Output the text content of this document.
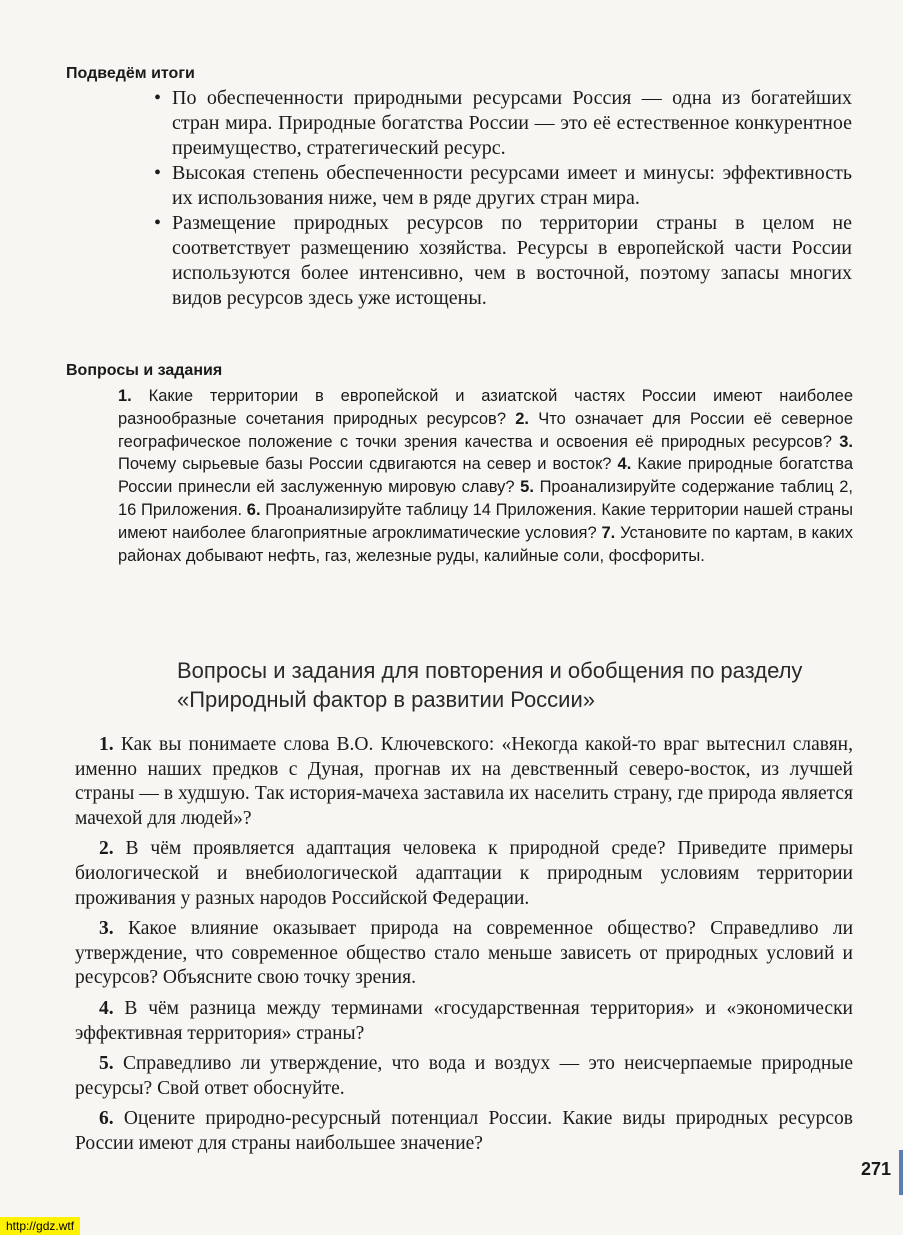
Подведём итоги
• По обеспеченности природными ресурсами Россия — одна из богатейших стран мира. Природные богатства России — это её естественное конкурентное преимущество, стратегический ресурс.
• Высокая степень обеспеченности ресурсами имеет и минусы: эффективность их использования ниже, чем в ряде других стран мира.
• Размещение природных ресурсов по территории страны в целом не соответствует размещению хозяйства. Ресурсы в европейской части России используются более интенсивно, чем в восточной, поэтому запасы многих видов ресурсов здесь уже истощены.
Вопросы и задания

1. Какие территории в европейской и азиатской частях России имеют наиболее разнообразные сочетания природных ресурсов? 2. Что означает для России её северное географическое положение с точки зрения качества и освоения её природных ресурсов? 3. Почему сырьевые базы России сдвигаются на север и восток? 4. Какие природные богатства России принесли ей заслуженную мировую славу? 5. Проанализируйте содержание таблиц 2, 16 Приложения. 6. Проанализируйте таблицу 14 Приложения. Какие территории нашей страны имеют наиболее благоприятные агроклиматические условия? 7. Установите по картам, в каких районах добывают нефть, газ, железные руды, калийные соли, фосфориты.

Вопросы и задания для повторения и обобщения по разделу
«Природный фактор в развитии России»

1. Как вы понимаете слова В.О. Ключевского: «Некогда какой-то враг вытеснил славян, именно наших предков с Дуная, прогнав их на девственный северо-восток, из лучшей страны — в худшую. Так история-мачеха заставила их населить страну, где природа является мачехой для людей»?

2. В чём проявляется адаптация человека к природной среде? Приведите примеры биологической и внебиологической адаптации к природным условиям территории проживания у разных народов Российской Федерации.

3. Какое влияние оказывает природа на современное общество? Справедливо ли утверждение, что современное общество стало меньше зависеть от природных условий и ресурсов? Объясните свою точку зрения.

4. В чём разница между терминами «государственная территория» и «экономически эффективная территория» страны?

5. Справедливо ли утверждение, что вода и воздух — это неисчерпаемые природные ресурсы? Свой ответ обоснуйте.

6. Оцените природно-ресурсный потенциал России. Какие виды природных ресурсов России имеют для страны наибольшее значение?

271
http://gdz.wtf
